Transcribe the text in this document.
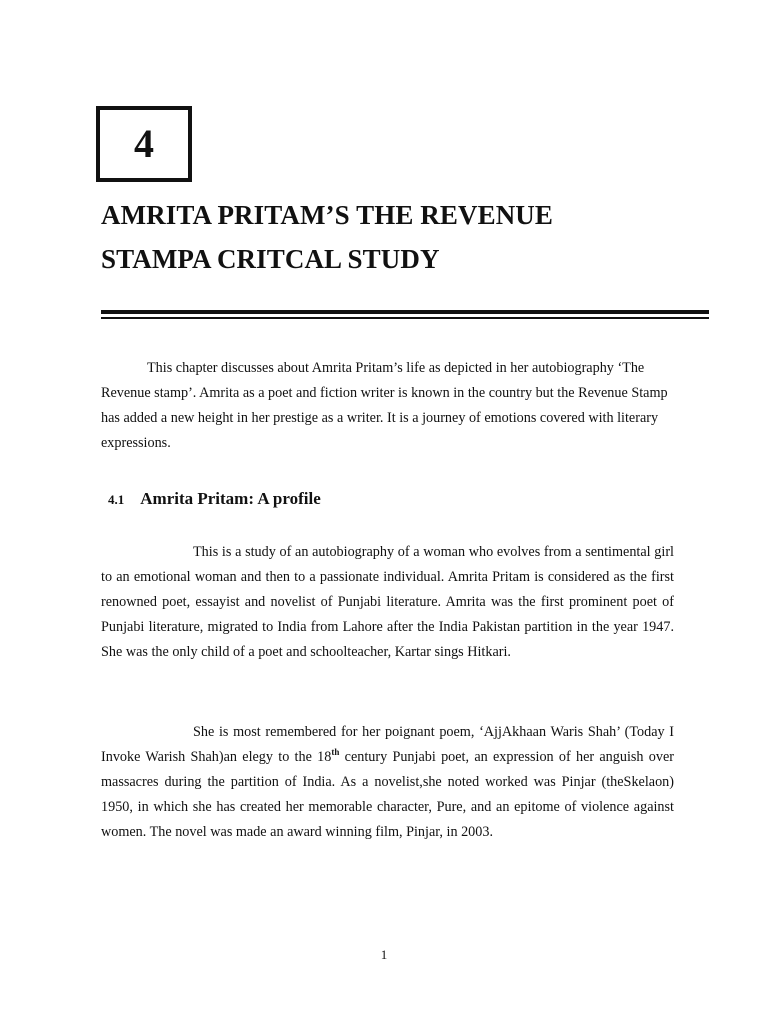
4
AMRITA PRITAM’S THE REVENUE
STAMPA CRITCAL STUDY

This chapter discusses about Amrita Pritam’s life as depicted in her autobiography ‘The Revenue stamp’. Amrita as a poet and fiction writer is known in the country but the Revenue Stamp has added a new height in her prestige as a writer. It is a journey of emotions covered with literary expressions.

4.1 Amrita Pritam: A profile

This is a study of an autobiography of a woman who evolves from a sentimental girl to an emotional woman and then to a passionate individual. Amrita Pritam is considered as the first renowned poet, essayist and novelist of Punjabi literature. Amrita was the first prominent poet of Punjabi literature, migrated to India from Lahore after the India Pakistan partition in the year 1947. She was the only child of a poet and schoolteacher, Kartar sings Hitkari.

She is most remembered for her poignant poem, ‘AjjAkhaan Waris Shah’ (Today I Invoke Warish Shah)an elegy to the 18th century Punjabi poet, an expression of her anguish over massacres during the partition of India. As a novelist,she noted worked was Pinjar (theSkelaon) 1950, in which she has created her memorable character, Pure, and an epitome of violence against women. The novel was made an award winning film, Pinjar, in 2003.

1
